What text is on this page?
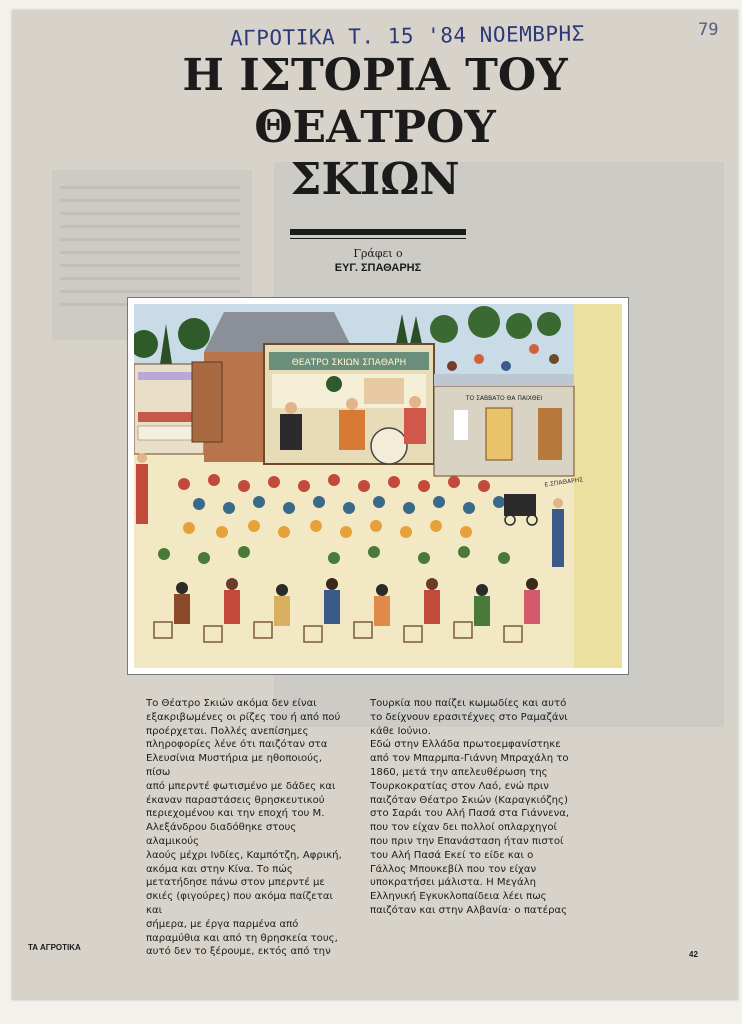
ΑΓΡΟΤΙΚΑ Τ. 15 '84 ΝΟΕΜΒΡΗΣ	79
Η ΙΣΤΟΡΙΑ ΤΟΥ
ΘΕΑΤΡΟΥ
ΣΚΙΩΝ
Γράφει ο
ΕΥΓ. ΣΠΑΘΑΡΗΣ
ΘΕΑΤΡΟ ΣΚΙΩΝ ΣΠΑΘΑΡΗ
ΤΟ ΣΑΒΒΑΤΟ ΘΑ ΠΑΙΧΘΕΙ
Ε.ΣΠΑΘΑΡΗΣ

Το Θέατρο Σκιών ακόμα δεν είναι

εξακριβωμένες οι ρίζες του ή από πού

προέρχεται. Πολλές ανεπίσημες

πληροφορίες λένε ότι παιζόταν στα

Ελευσίνια Μυστήρια με ηθοποιούς, πίσω

από μπερντέ φωτισμένο με δάδες και

έκαναν παραστάσεις θρησκευτικού

περιεχομένου και την εποχή του Μ.

Αλεξάνδρου διαδόθηκε στους αλαμικούς

λαούς μέχρι Ινδίες, Καμπότζη, Αφρική,

ακόμα και στην Κίνα. Το πώς

μετατήδησε πάνω στον μπερντέ με

σκιές (φιγούρες) που ακόμα παίζεται και

σήμερα, με έργα παρμένα από

παραμύθια και από τη θρησκεία τους,

αυτό δεν το ξέρουμε, εκτός από την

Τουρκία που παίζει κωμωδίες και αυτό

το δείχνουν ερασιτέχνες στο Ραμαζάνι

κάθε Ιούνιο.

Εδώ στην Ελλάδα πρωτοεμφανίστηκε

από τον Μπαρμπα-Γιάννη Μπραχάλη το

1860, μετά την απελευθέρωση της

Τουρκοκρατίας στον Λαό, ενώ πριν

παιζόταν Θέατρο Σκιών (Καραγκιόζης)

στο Σαράι του Αλή Πασά στα Γιάννενα,

που τον είχαν δει πολλοί οπλαρχηγοί

που πριν την Επανάσταση ήταν πιστοί

του Αλή Πασά Εκεί το είδε και ο

Γάλλος Μπουκεβίλ που τον είχαν

υποκρατήσει μάλιστα. Η Μεγάλη

Ελληνική Εγκυκλοπαίδεια λέει πως

παιζόταν και στην Αλβανία· ο πατέρας

ΤΑ ΑΓΡΟΤΙΚΑ
42
